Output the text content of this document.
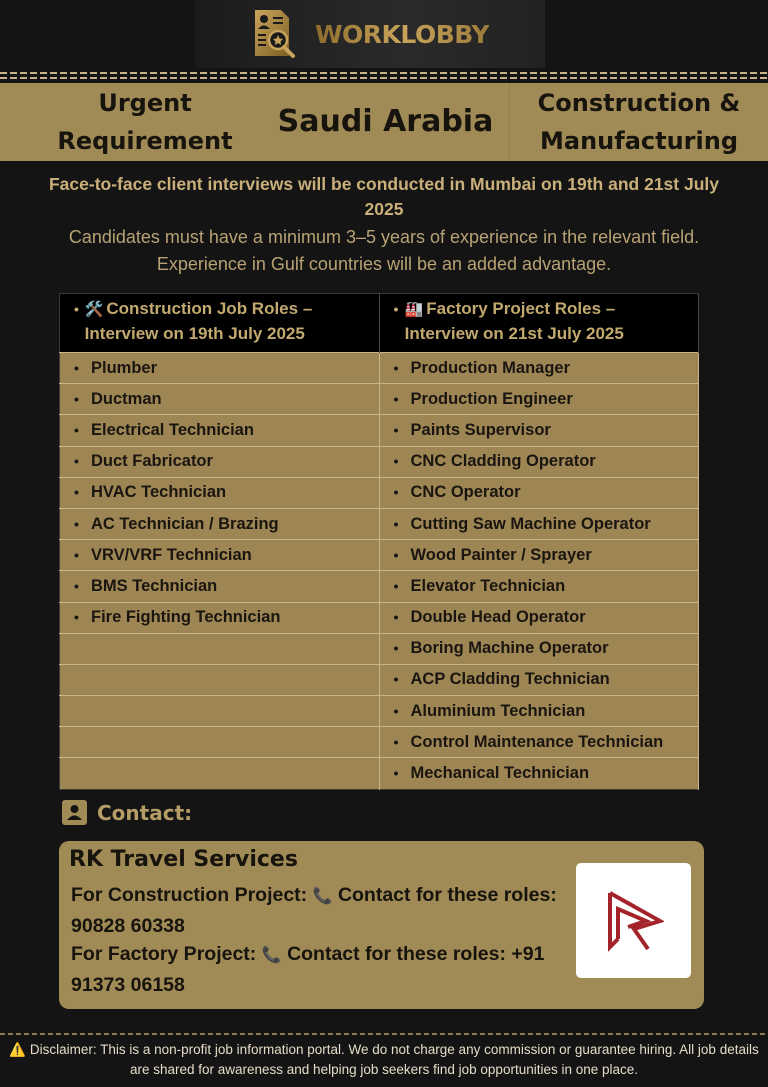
WORKLOBBY
Urgent Requirement
Saudi Arabia
Construction & Manufacturing
Face-to-face client interviews will be conducted in Mumbai on 19th and 21st July 2025
Candidates must have a minimum 3–5 years of experience in the relevant field. Experience in Gulf countries will be an added advantage.
• 🛠️ Construction Job Roles – Interview on 19th July 2025	• 🏭 Factory Project Roles – Interview on 21st July 2025

• Plumber	• Production Manager
• Ductman	• Production Engineer
• Electrical Technician	• Paints Supervisor
• Duct Fabricator	• CNC Cladding Operator
• HVAC Technician	• CNC Operator
• AC Technician / Brazing	• Cutting Saw Machine Operator
• VRV/VRF Technician	• Wood Painter / Sprayer
• BMS Technician	• Elevator Technician
• Fire Fighting Technician	• Double Head Operator
	• Boring Machine Operator
	• ACP Cladding Technician
	• Aluminium Technician
	• Control Maintenance Technician
	• Mechanical Technician
Contact:
RK Travel Services
For Construction Project: 📞 Contact for these roles: 90828 60338
For Factory Project: 📞 Contact for these roles: +91 91373 06158
⚠️ Disclaimer: This is a non-profit job information portal. We do not charge any commission or guarantee hiring. All job details are shared for awareness and helping job seekers find job opportunities in one place.
